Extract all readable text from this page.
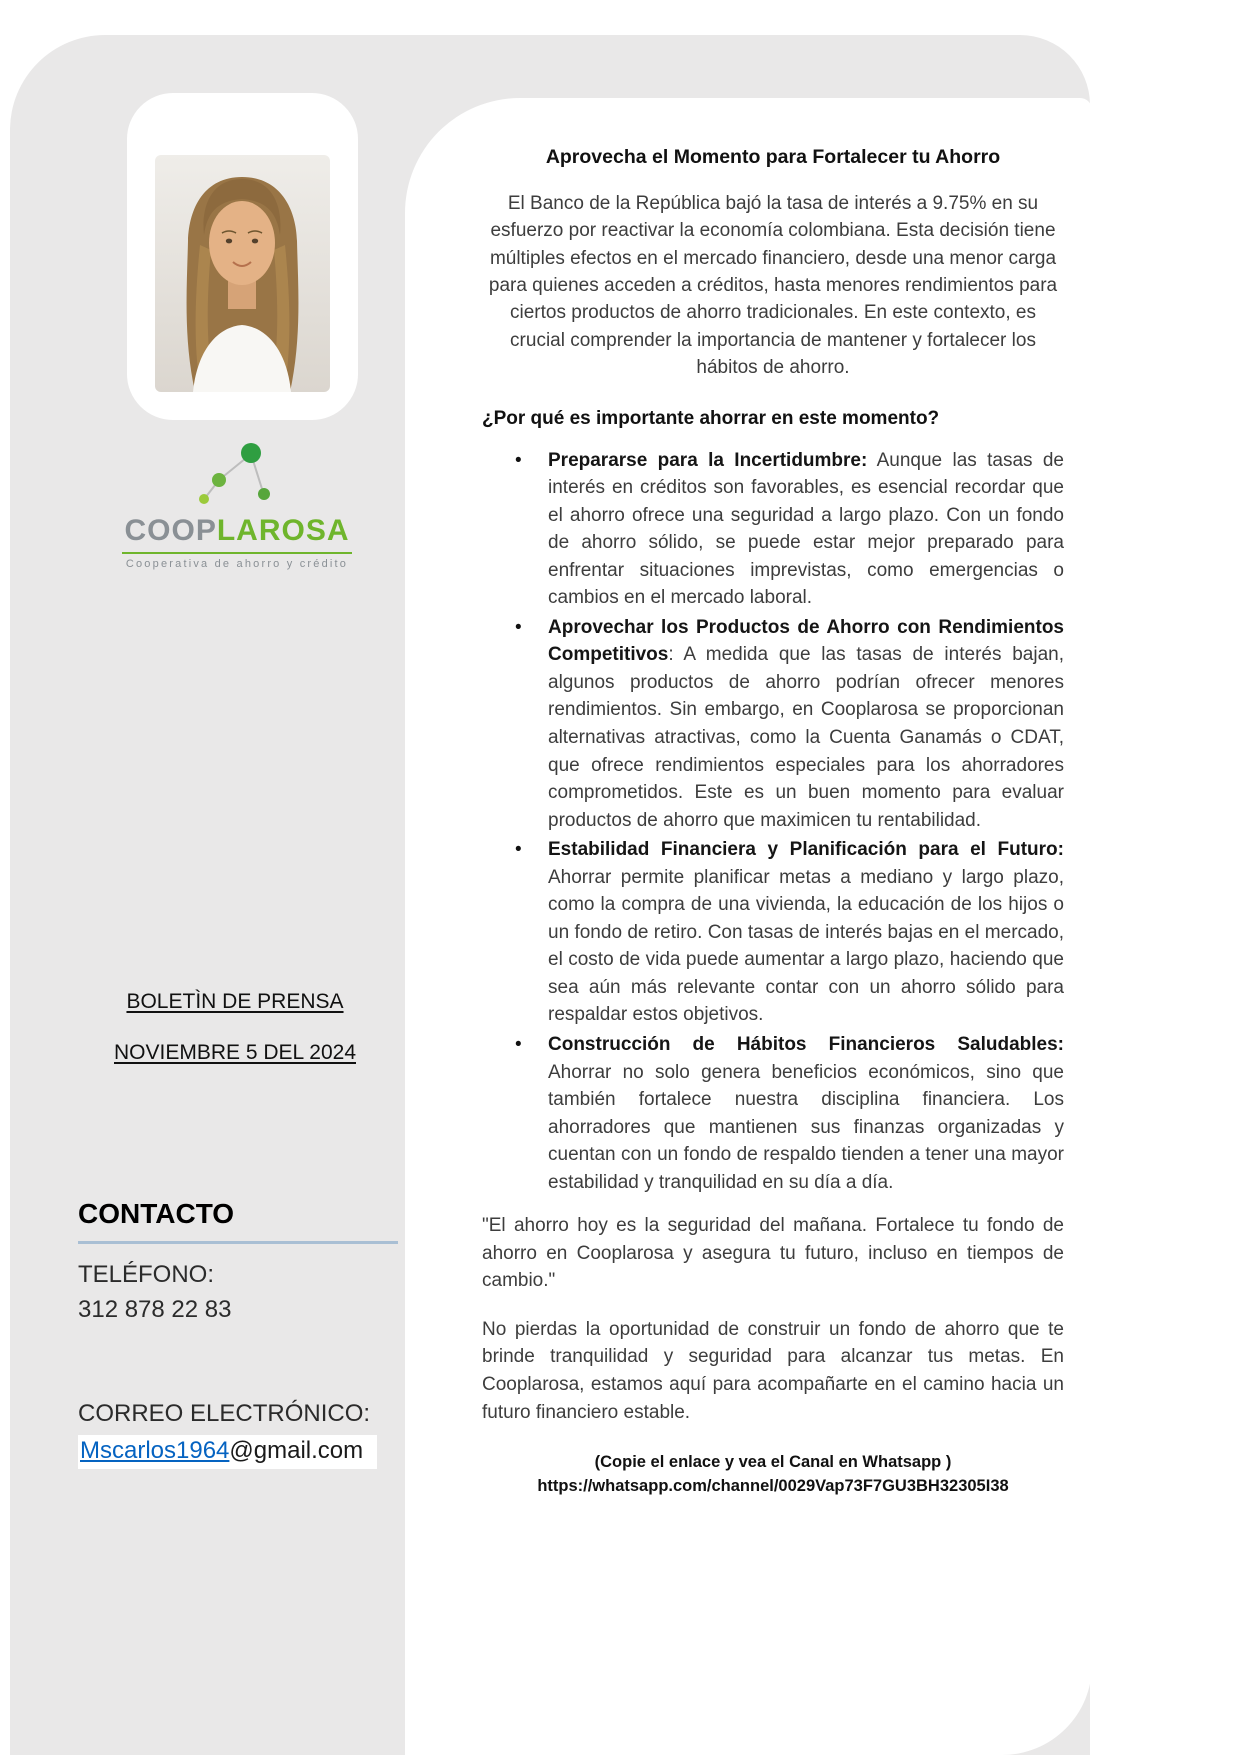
COOPLAROSA
Cooperativa de ahorro y crédito
BOLETÌN DE PRENSA
NOVIEMBRE 5 DEL 2024
CONTACTO
TELÉFONO:
312 878 22 83
CORREO ELECTRÓNICO:
Mscarlos1964@gmail.com
Aprovecha el Momento para Fortalecer tu Ahorro
El Banco de la República bajó la tasa de interés a 9.75% en su esfuerzo por reactivar la economía colombiana. Esta decisión tiene múltiples efectos en el mercado financiero, desde una menor carga para quienes acceden a créditos, hasta menores rendimientos para ciertos productos de ahorro tradicionales. En este contexto, es crucial comprender la importancia de mantener y fortalecer los hábitos de ahorro.
¿Por qué es importante ahorrar en este momento?
• Prepararse para la Incertidumbre: Aunque las tasas de interés en créditos son favorables, es esencial recordar que el ahorro ofrece una seguridad a largo plazo. Con un fondo de ahorro sólido, se puede estar mejor preparado para enfrentar situaciones imprevistas, como emergencias o cambios en el mercado laboral.
• Aprovechar los Productos de Ahorro con Rendimientos Competitivos: A medida que las tasas de interés bajan, algunos productos de ahorro podrían ofrecer menores rendimientos. Sin embargo, en Cooplarosa se proporcionan alternativas atractivas, como la Cuenta Ganamás o CDAT, que ofrece rendimientos especiales para los ahorradores comprometidos. Este es un buen momento para evaluar productos de ahorro que maximicen tu rentabilidad.
• Estabilidad Financiera y Planificación para el Futuro: Ahorrar permite planificar metas a mediano y largo plazo, como la compra de una vivienda, la educación de los hijos o un fondo de retiro. Con tasas de interés bajas en el mercado, el costo de vida puede aumentar a largo plazo, haciendo que sea aún más relevante contar con un ahorro sólido para respaldar estos objetivos.
• Construcción de Hábitos Financieros Saludables: Ahorrar no solo genera beneficios económicos, sino que también fortalece nuestra disciplina financiera. Los ahorradores que mantienen sus finanzas organizadas y cuentan con un fondo de respaldo tienden a tener una mayor estabilidad y tranquilidad en su día a día.
"El ahorro hoy es la seguridad del mañana. Fortalece tu fondo de ahorro en Cooplarosa y asegura tu futuro, incluso en tiempos de cambio."
No pierdas la oportunidad de construir un fondo de ahorro que te brinde tranquilidad y seguridad para alcanzar tus metas. En Cooplarosa, estamos aquí para acompañarte en el camino hacia un futuro financiero estable.
(Copie el enlace y vea el Canal en Whatsapp )
https://whatsapp.com/channel/0029Vap73F7GU3BH32305I38
